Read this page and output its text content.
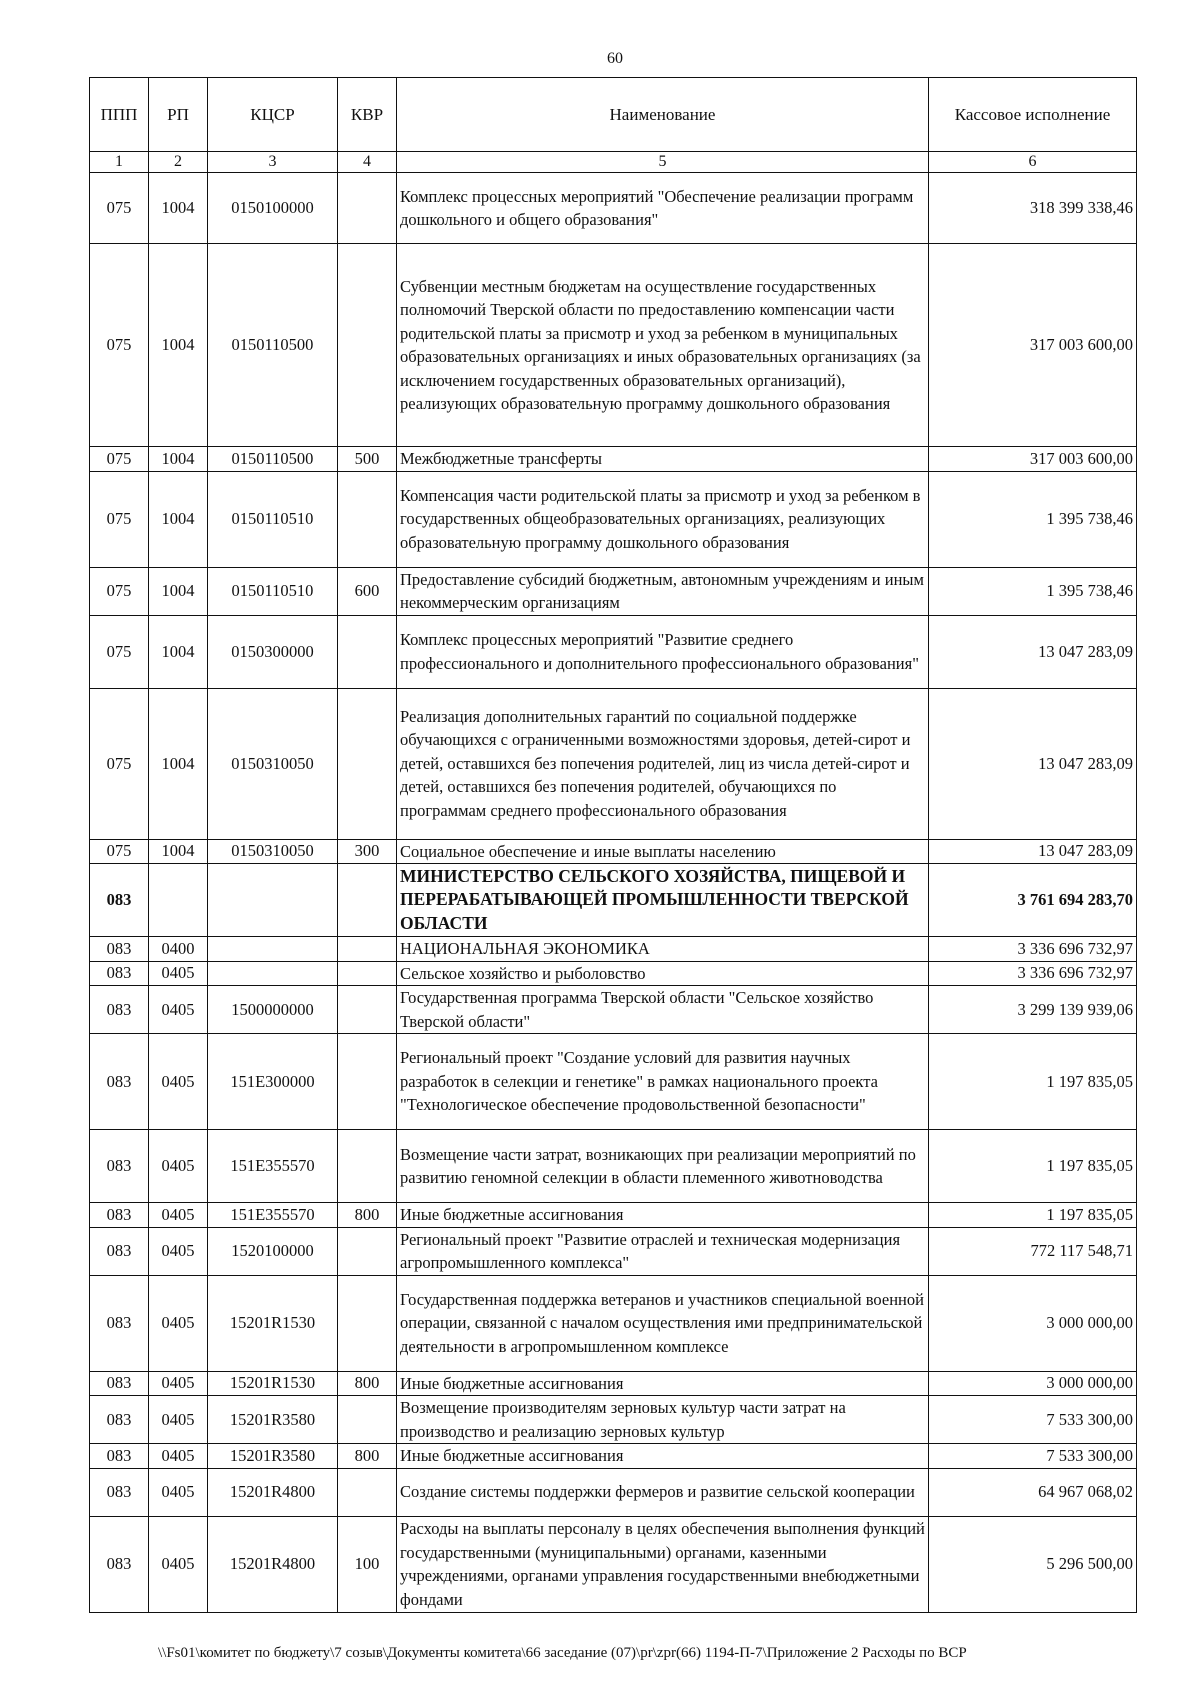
60
ППП	РП	КЦСР	КВР	Наименование	Кассовое исполнение
1	2	3	4	5	6
075	1004	0150100000		Комплекс процессных мероприятий "Обеспечение реализации программ дошкольного и общего образования"	318 399 338,46
075	1004	0150110500		Субвенции местным бюджетам на осуществление государственных полномочий Тверской области по предоставлению компенсации части родительской платы за присмотр и уход за ребенком в муниципальных образовательных организациях и иных образовательных организациях (за исключением государственных образовательных организаций), реализующих образовательную программу дошкольного образования	317 003 600,00
075	1004	0150110500	500	Межбюджетные трансферты	317 003 600,00
075	1004	0150110510		Компенсация части родительской платы за присмотр и уход за ребенком в государственных общеобразовательных организациях, реализующих образовательную программу дошкольного образования	1 395 738,46
075	1004	0150110510	600	Предоставление субсидий бюджетным, автономным учреждениям и иным некоммерческим организациям	1 395 738,46
075	1004	0150300000		Комплекс процессных мероприятий "Развитие среднего профессионального и дополнительного профессионального образования"	13 047 283,09
075	1004	0150310050		Реализация дополнительных гарантий по социальной поддержке обучающихся с ограниченными возможностями здоровья, детей-сирот и детей, оставшихся без попечения родителей, лиц из числа детей-сирот и детей, оставшихся без попечения родителей, обучающихся по программам среднего профессионального образования	13 047 283,09
075	1004	0150310050	300	Социальное обеспечение и иные выплаты населению	13 047 283,09
083				МИНИСТЕРСТВО СЕЛЬСКОГО ХОЗЯЙСТВА, ПИЩЕВОЙ И ПЕРЕРАБАТЫВАЮЩЕЙ ПРОМЫШЛЕННОСТИ ТВЕРСКОЙ ОБЛАСТИ	3 761 694 283,70
083	0400			НАЦИОНАЛЬНАЯ ЭКОНОМИКА	3 336 696 732,97
083	0405			Сельское хозяйство и рыболовство	3 336 696 732,97
083	0405	1500000000		Государственная программа Тверской области "Сельское хозяйство Тверской области"	3 299 139 939,06
083	0405	151E300000		Региональный проект "Создание условий для развития научных разработок в селекции и генетике" в рамках национального проекта "Технологическое обеспечение продовольственной безопасности"	1 197 835,05
083	0405	151E355570		Возмещение части затрат, возникающих при реализации мероприятий по развитию геномной селекции в области племенного животноводства	1 197 835,05
083	0405	151E355570	800	Иные бюджетные ассигнования	1 197 835,05
083	0405	1520100000		Региональный проект "Развитие отраслей и техническая модернизация агропромышленного комплекса"	772 117 548,71
083	0405	15201R1530		Государственная поддержка ветеранов и участников специальной военной операции, связанной с началом осуществления ими предпринимательской деятельности в агропромышленном комплексе	3 000 000,00
083	0405	15201R1530	800	Иные бюджетные ассигнования	3 000 000,00
083	0405	15201R3580		Возмещение производителям зерновых культур части затрат на производство и реализацию зерновых культур	7 533 300,00
083	0405	15201R3580	800	Иные бюджетные ассигнования	7 533 300,00
083	0405	15201R4800		Создание системы поддержки фермеров и развитие сельской кооперации	64 967 068,02
083	0405	15201R4800	100	Расходы на выплаты персоналу в целях обеспечения выполнения функций государственными (муниципальными) органами, казенными учреждениями, органами управления государственными внебюджетными фондами	5 296 500,00
\\Fs01\комитет по бюджету\7 созыв\Документы комитета\66 заседание (07)\pr\zpr(66) 1194-П-7\Приложение 2 Расходы по ВСР
